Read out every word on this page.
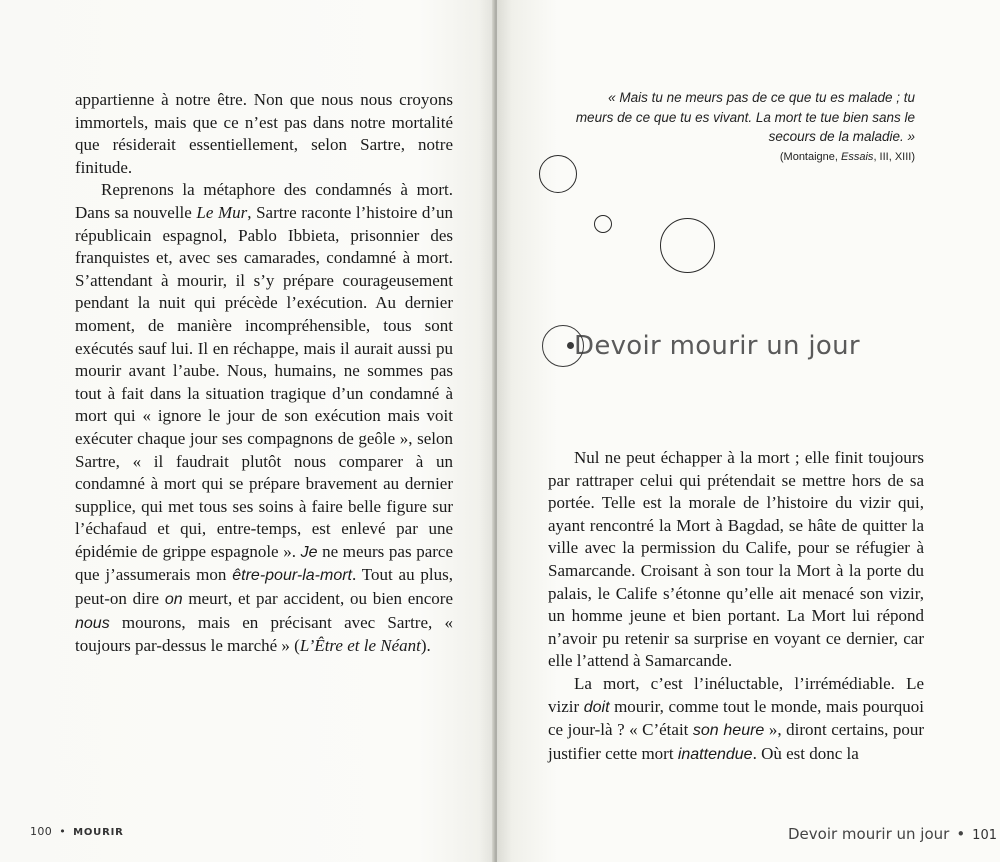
appartienne à notre être. Non que nous nous croyons immortels, mais que ce n’est pas dans notre mortalité que résiderait essentiellement, selon Sartre, notre finitude.

Reprenons la métaphore des condamnés à mort. Dans sa nouvelle Le Mur, Sartre raconte l’histoire d’un républicain espagnol, Pablo Ibbieta, prisonnier des franquistes et, avec ses camarades, condamné à mort. S’attendant à mourir, il s’y prépare courageusement pendant la nuit qui précède l’exécution. Au dernier moment, de manière incompréhensible, tous sont exécutés sauf lui. Il en réchappe, mais il aurait aussi pu mourir avant l’aube. Nous, humains, ne sommes pas tout à fait dans la situation tragique d’un condamné à mort qui « ignore le jour de son exécution mais voit exécuter chaque jour ses compagnons de geôle », selon Sartre, « il faudrait plutôt nous comparer à un condamné à mort qui se prépare bravement au dernier supplice, qui met tous ses soins à faire belle figure sur l’échafaud et qui, entre-temps, est enlevé par une épidémie de grippe espagnole ». Je ne meurs pas parce que j’assumerais mon être-pour-la-mort. Tout au plus, peut-on dire on meurt, et par accident, ou bien encore nous mourons, mais en précisant avec Sartre, « toujours par-dessus le marché » (L’Être et le Néant).

100 • MOURIR
« Mais tu ne meurs pas de ce que tu es malade ; tu meurs de ce que tu es vivant. La mort te tue bien sans le secours de la maladie. »
(Montaigne, Essais, III, XIII)
Devoir mourir un jour

Nul ne peut échapper à la mort ; elle finit toujours par rattraper celui qui prétendait se mettre hors de sa portée. Telle est la morale de l’histoire du vizir qui, ayant rencontré la Mort à Bagdad, se hâte de quitter la ville avec la permission du Calife, pour se réfugier à Samarcande. Croisant à son tour la Mort à la porte du palais, le Calife s’étonne qu’elle ait menacé son vizir, un homme jeune et bien portant. La Mort lui répond n’avoir pu retenir sa surprise en voyant ce dernier, car elle l’attend à Samarcande.

La mort, c’est l’inéluctable, l’irrémédiable. Le vizir doit mourir, comme tout le monde, mais pourquoi ce jour-là ? « C’était son heure », diront certains, pour justifier cette mort inattendue. Où est donc la

Devoir mourir un jour • 101
